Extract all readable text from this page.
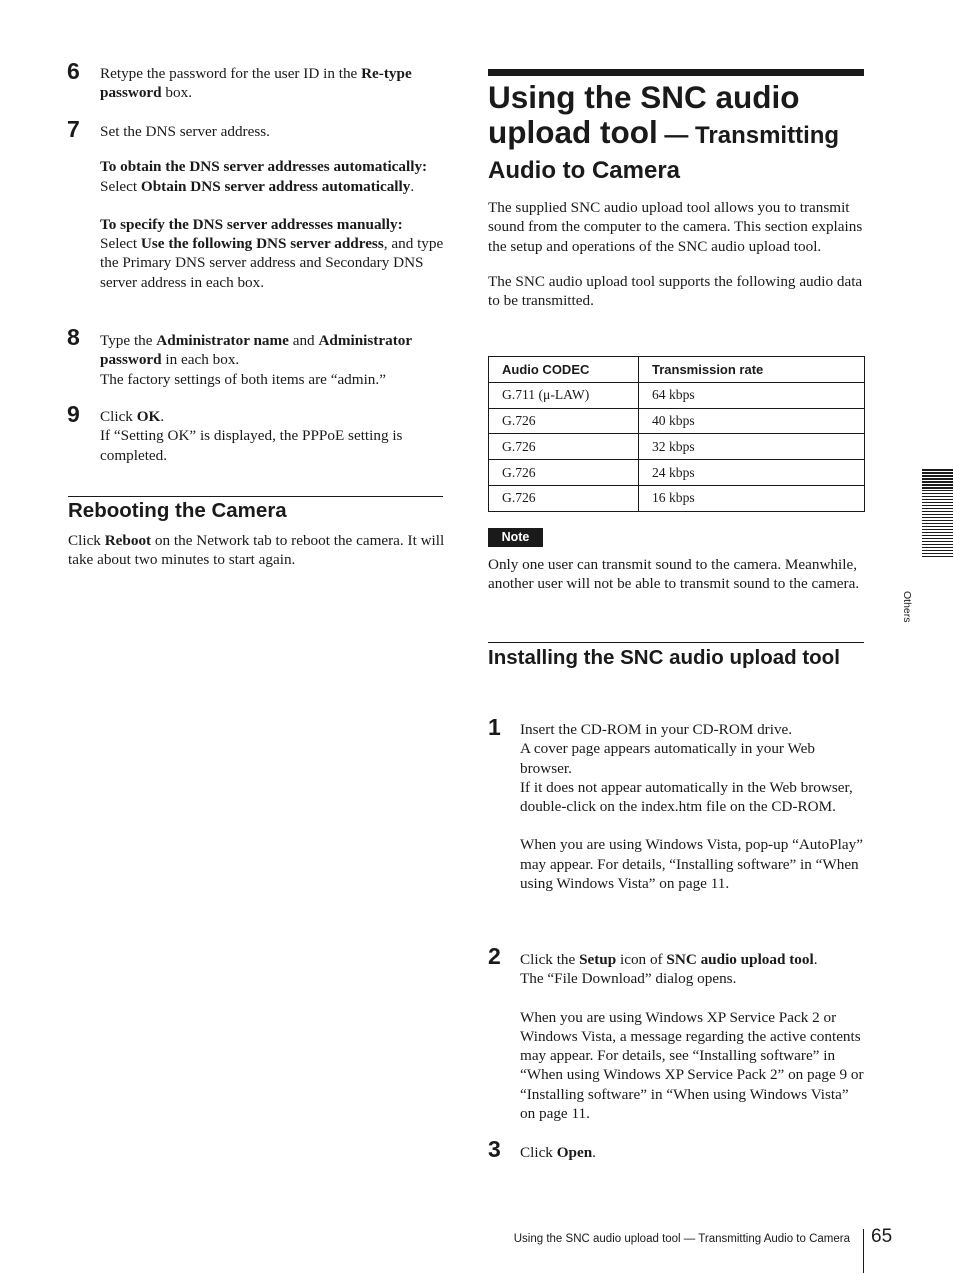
6 Retype the password for the user ID in the Re-type password box.

7 Set the DNS server address.

To obtain the DNS server addresses automatically:

Select Obtain DNS server address automatically.

To specify the DNS server addresses manually:

Select Use the following DNS server address, and type the Primary DNS server address and Secondary DNS server address in each box.

8 Type the Administrator name and Administrator password in each box.

The factory settings of both items are “admin.”

9 Click OK.

If “Setting OK” is displayed, the PPPoE setting is completed.

Rebooting the Camera

Click Reboot on the Network tab to reboot the camera. It will take about two minutes to start again.

Using the SNC audio
upload tool — Transmitting
Audio to Camera

The supplied SNC audio upload tool allows you to transmit sound from the computer to the camera. This section explains the setup and operations of the SNC audio upload tool.

The SNC audio upload tool supports the following audio data to be transmitted.

Audio CODEC	Transmission rate
G.711 (μ-LAW)	64 kbps
G.726	40 kbps
G.726	32 kbps
G.726	24 kbps
G.726	16 kbps
Note

Only one user can transmit sound to the camera. Meanwhile, another user will not be able to transmit sound to the camera.

Installing the SNC audio upload tool
1 Insert the CD-ROM in your CD-ROM drive.

A cover page appears automatically in your Web browser.

If it does not appear automatically in the Web browser, double-click on the index.htm file on the CD-ROM.

When you are using Windows Vista, pop-up “AutoPlay” may appear. For details, “Installing software” in “When using Windows Vista” on page 11.

2 Click the Setup icon of SNC audio upload tool.

The “File Download” dialog opens.

When you are using Windows XP Service Pack 2 or Windows Vista, a message regarding the active contents may appear. For details, see “Installing software” in “When using Windows XP Service Pack 2” on page 9 or “Installing software” in “When using Windows Vista” on page 11.

3 Click Open.

Others
Using the SNC audio upload tool — Transmitting Audio to Camera 65
